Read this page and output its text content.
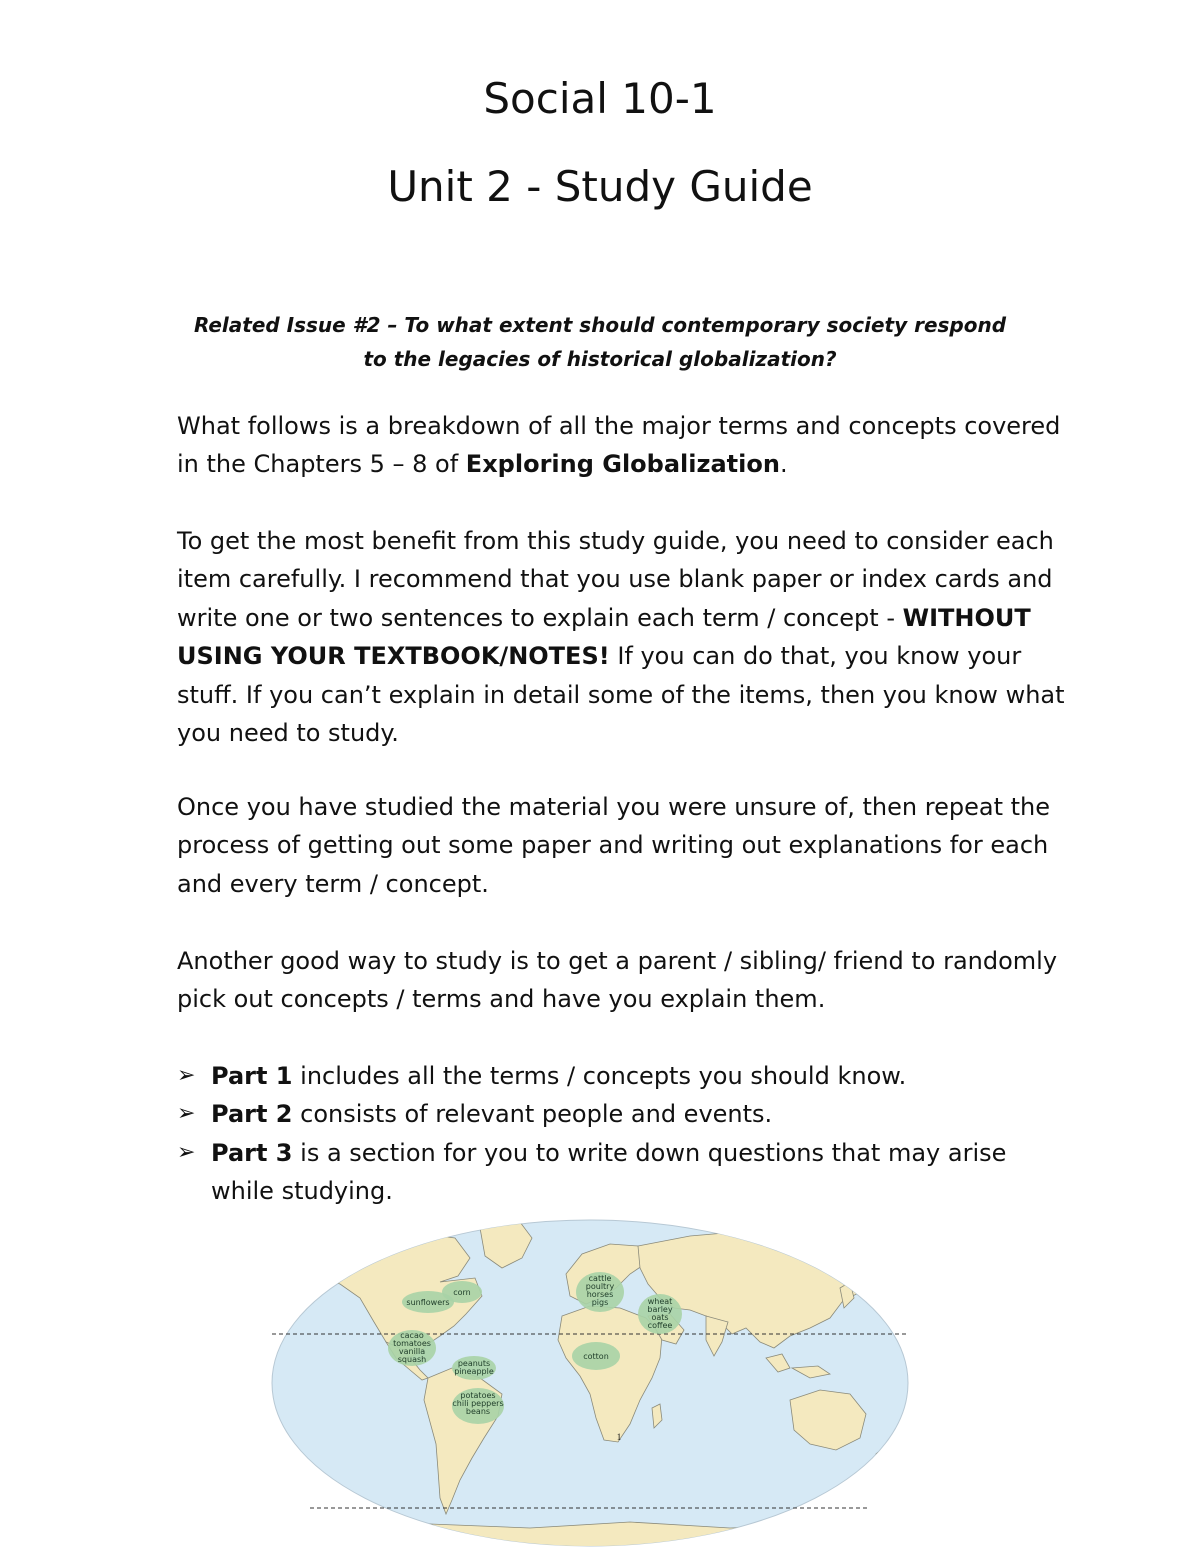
Social 10-1
Unit 2 - Study Guide
Related Issue #2 – To what extent should contemporary society respond
to the legacies of historical globalization?

What follows is a breakdown of all the major terms and concepts covered in the Chapters 5 – 8 of Exploring Globalization.

To get the most benefit from this study guide, you need to consider each item carefully. I recommend that you use blank paper or index cards and write one or two sentences to explain each term / concept - WITHOUT USING YOUR TEXTBOOK/NOTES! If you can do that, you know your stuff. If you can’t explain in detail some of the items, then you know what you need to study.

Once you have studied the material you were unsure of, then repeat the process of getting out some paper and writing out explanations for each and every term / concept.

Another good way to study is to get a parent / sibling/ friend to randomly pick out concepts / terms and have you explain them.

➢ Part 1 includes all the terms / concepts you should know.
➢ Part 2 consists of relevant people and events.
➢ Part 3 is a section for you to write down questions that may arise while studying.
corn
sunflowers
cattle
poultry
horses
pigs	wheat
barley
oats
coffee
cacao
tomatoes
vanilla
squash	cotton
peanuts
pineapple
potatoes
chili peppers
beans
1
